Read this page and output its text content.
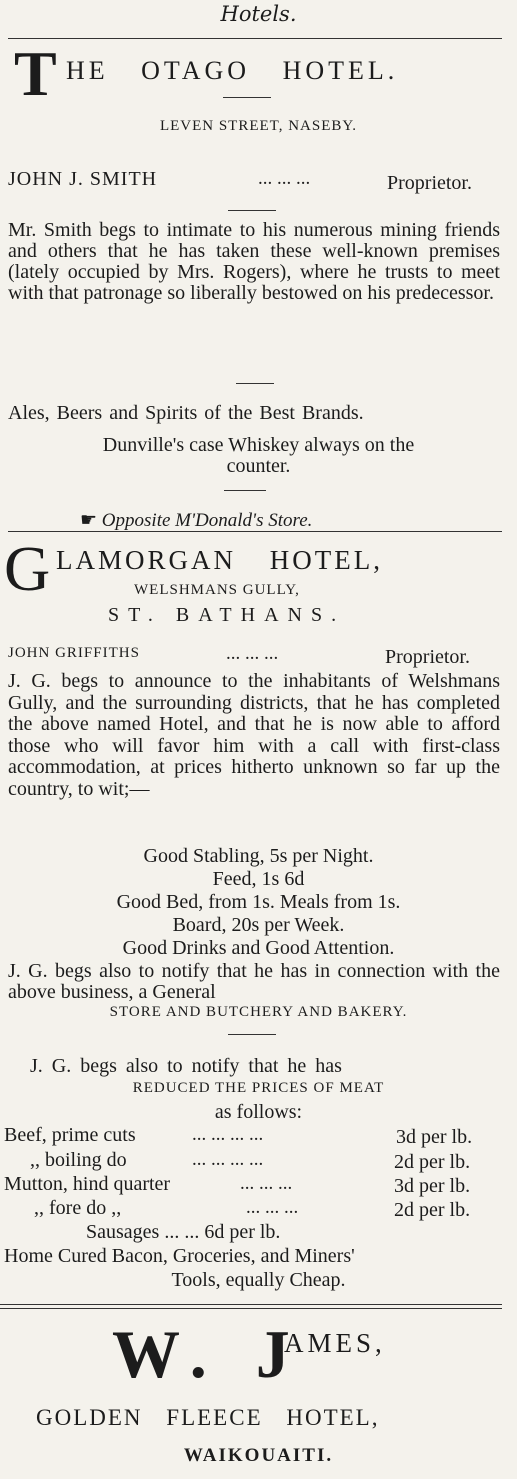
Hotels.
T HE OTAGO HOTEL.
LEVEN STREET, NASEBY.
JOHN J. SMITH	... ... ...	Proprietor.

Mr. Smith begs to intimate to his numerous mining friends and others that he has taken these well-known premises (lately occupied by Mrs. Rogers), where he trusts to meet with that patronage so liberally bestowed on his predecessor.

Ales, Beers and Spirits of the Best Brands.
Dunville's case Whiskey always on the
counter.
☛ Opposite M'Donald's Store.
G LAMORGAN HOTEL,
WELSHMANS GULLY,
ST. BATHANS.
JOHN GRIFFITHS	... ... ...	Proprietor.

J. G. begs to announce to the inhabitants of Welshmans Gully, and the surrounding districts, that he has completed the above named Hotel, and that he is now able to afford those who will favor him with a call with first-class accommodation, at prices hitherto unknown so far up the country, to wit;—

Good Stabling, 5s per Night.
Feed, 1s 6d
Good Bed, from 1s. Meals from 1s.
Board, 20s per Week.
Good Drinks and Good Attention.

J. G. begs also to notify that he has in connection with the above business, a General

STORE AND BUTCHERY AND BAKERY.
J. G. begs also to notify that he has
REDUCED THE PRICES OF MEAT
as follows:
Beef, prime cuts	... ... ... ...	3d per lb.
,, boiling do	... ... ... ...	2d per lb.
Mutton, hind quarter	... ... ...	3d per lb.
,, fore do ,,	... ... ...	2d per lb.
Sausages ... ... 6d per lb.
Home Cured Bacon, Groceries, and Miners'
Tools, equally Cheap.
W. J
AMES,
GOLDEN FLEECE HOTEL,
WAIKOUAITI.
